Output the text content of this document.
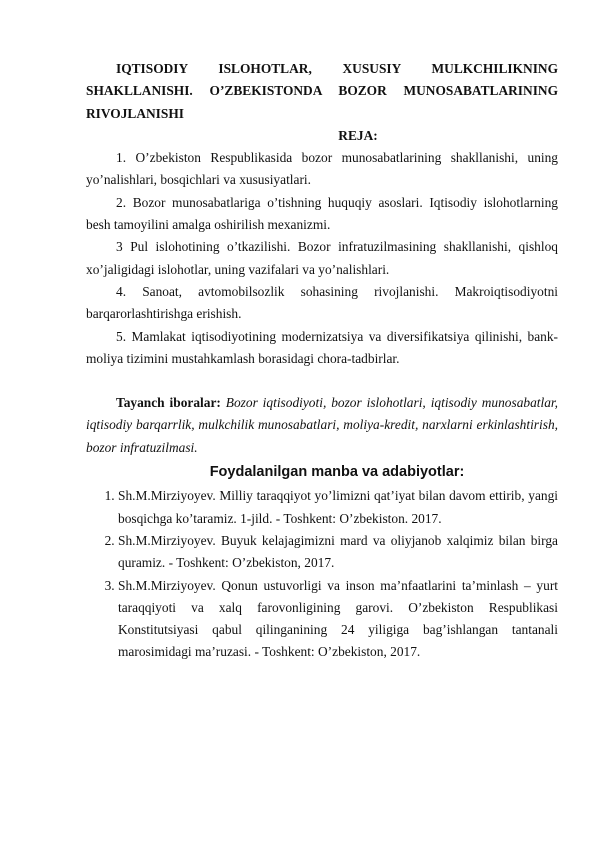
IQTISODIY ISLOHOTLAR, XUSUSIY MULKCHILIKNING SHAKLLANISHI. O’ZBEKISTONDA BOZOR MUNOSABATLARINING RIVOJLANISHI

REJA:

1. O’zbekiston Respublikasida bozor munosabatlarining shakllanishi, uning yo’nalishlari, bosqichlari va xususiyatlari.

2. Bozor munosabatlariga o’tishning huquqiy asoslari. Iqtisodiy islohotlarning besh tamoyilini amalga oshirilish mexanizmi.

3 Pul islohotining o’tkazilishi. Bozor infratuzilmasining shakllanishi, qishloq xo’jaligidagi islohotlar, uning vazifalari va yo’nalishlari.

4. Sanoat, avtomobilsozlik sohasining rivojlanishi. Makroiqtisodiyotni barqarorlashtirishga erishish.

5. Mamlakat iqtisodiyotining modernizatsiya va diversifikatsiya qilinishi, bank-moliya tizimini mustahkamlash borasidagi chora-tadbirlar.

Tayanch iboralar: Bozor iqtisodiyoti, bozor islohotlari, iqtisodiy munosabatlar, iqtisodiy barqarrlik, mulkchilik munosabatlari, moliya-kredit, narxlarni erkinlashtirish, bozor infratuzilmasi.

Foydalanilgan manba va adabiyotlar:

1. Sh.M.Mirziyoyev. Milliy taraqqiyot yo’limizni qat’iyat bilan davom ettirib, yangi bosqichga ko’taramiz. 1-jild. - Toshkent: O’zbekiston. 2017.
2. Sh.M.Mirziyoyev. Buyuk kelajagimizni mard va oliyjanob xalqimiz bilan birga quramiz. - Toshkent: O’zbekiston, 2017.
3. Sh.M.Mirziyoyev. Qonun ustuvorligi va inson ma’nfaatlarini ta’minlash – yurt taraqqiyoti va xalq farovonligining garovi. O’zbekiston Respublikasi Konstitutsiyasi qabul qilinganining 24 yiligiga bag’ishlangan tantanali marosimidagi ma’ruzasi. - Toshkent: O’zbekiston, 2017.
